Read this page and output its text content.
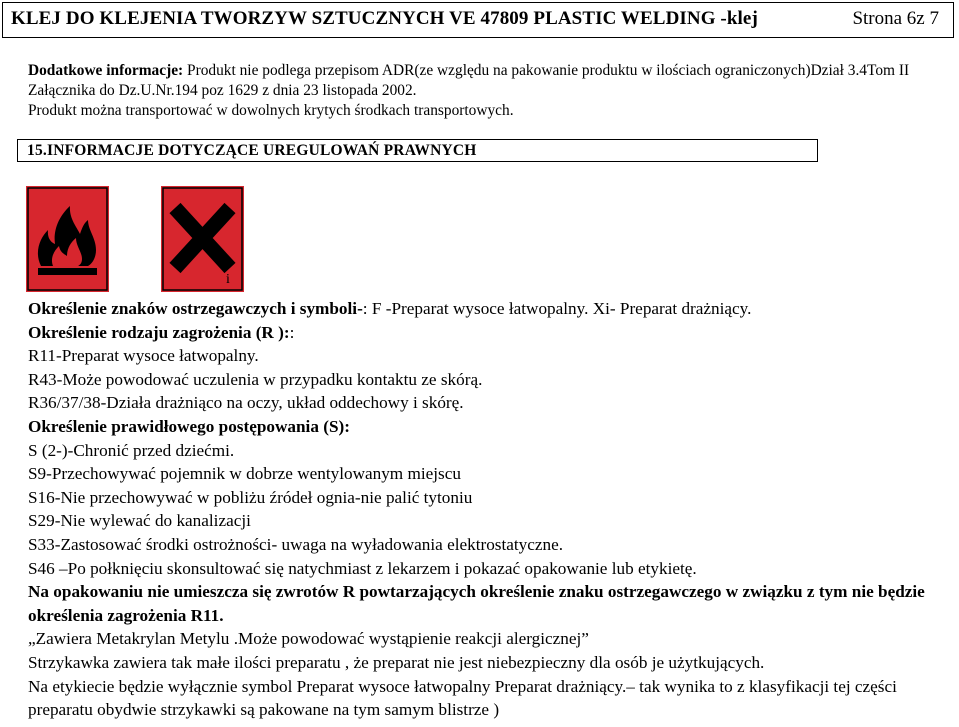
KLEJ DO KLEJENIA TWORZYW SZTUCZNYCH VE 47809 PLASTIC WELDING -klej	Strona 6z 7
Dodatkowe informacje: Produkt nie podlega przepisom ADR(ze względu na pakowanie produktu w ilościach ograniczonych)Dział 3.4Tom II Załącznika do Dz.U.Nr.194 poz 1629 z dnia 23 listopada 2002.
Produkt można transportować w dowolnych krytych środkach transportowych.
15.INFORMACJE DOTYCZĄCE UREGULOWAŃ PRAWNYCH
i

Określenie znaków ostrzegawczych i symboli-: F -Preparat wysoce łatwopalny. Xi- Preparat drażniący.

Określenie rodzaju zagrożenia (R )::

R11-Preparat wysoce łatwopalny.

R43-Może powodować uczulenia w przypadku kontaktu ze skórą.

R36/37/38-Działa drażniąco na oczy, układ oddechowy i skórę.

Określenie prawidłowego postępowania (S):

S (2-)-Chronić przed dziećmi.

S9-Przechowywać pojemnik w dobrze wentylowanym miejscu

S16-Nie przechowywać w pobliżu źródeł ognia-nie palić tytoniu

S29-Nie wylewać do kanalizacji

S33-Zastosować środki ostrożności- uwaga na wyładowania elektrostatyczne.

S46 –Po połknięciu skonsultować się natychmiast z lekarzem i pokazać opakowanie lub etykietę.

Na opakowaniu nie umieszcza się zwrotów R powtarzających określenie znaku ostrzegawczego w związku z tym nie będzie określenia zagrożenia R11.

„Zawiera Metakrylan Metylu .Może powodować wystąpienie reakcji alergicznej”

Strzykawka zawiera tak małe ilości preparatu , że preparat nie jest niebezpieczny dla osób je użytkujących.

Na etykiecie będzie wyłącznie symbol Preparat wysoce łatwopalny Preparat drażniący.– tak wynika to z klasyfikacji tej części preparatu obydwie strzykawki są pakowane na tym samym blistrze )
